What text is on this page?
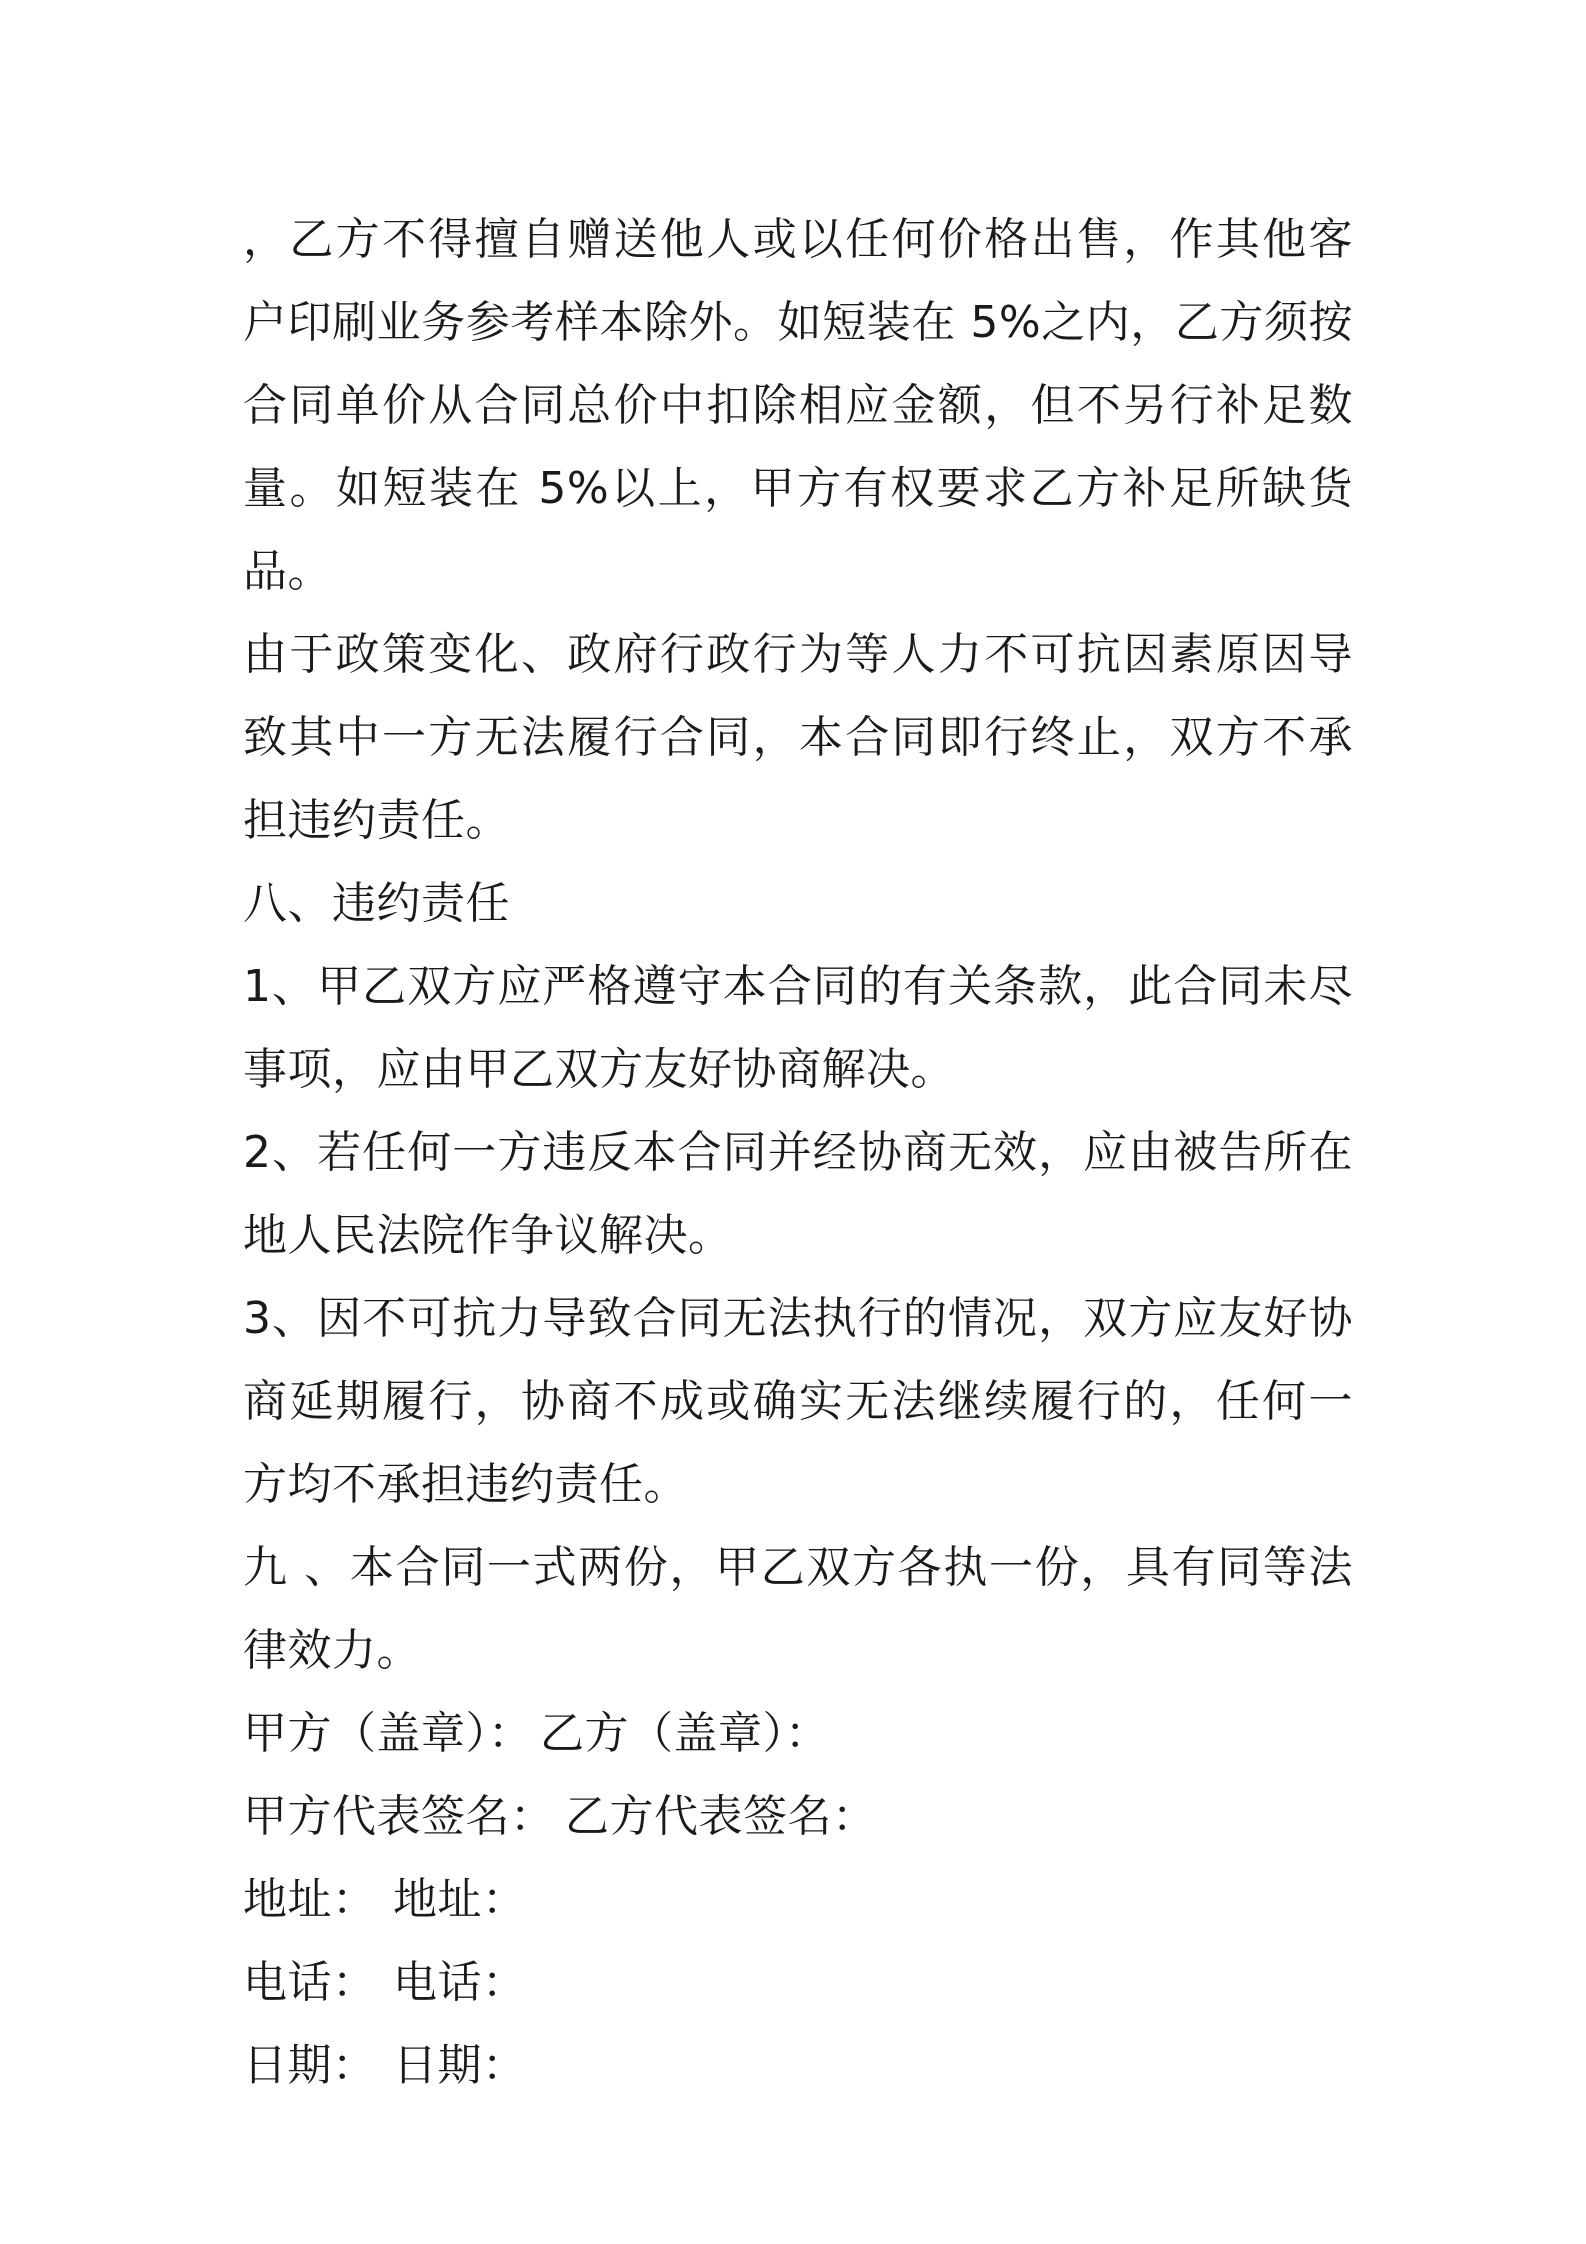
，乙方不得擅自赠送他人或以任何价格出售，作其他客户印刷业务参考样本除外。如短装在 5%之内，乙方须按合同单价从合同总价中扣除相应金额，但不另行补足数量。如短装在 5%以上，甲方有权要求乙方补足所缺货品。

由于政策变化、政府行政行为等人力不可抗因素原因导致其中一方无法履行合同，本合同即行终止，双方不承担违约责任。

八、违约责任

1、甲乙双方应严格遵守本合同的有关条款，此合同未尽事项，应由甲乙双方友好协商解决。

2、若任何一方违反本合同并经协商无效，应由被告所在地人民法院作争议解决。

3、因不可抗力导致合同无法执行的情况，双方应友好协商延期履行，协商不成或确实无法继续履行的，任何一方均不承担违约责任。

九 、本合同一式两份，甲乙双方各执一份，具有同等法律效力。

甲方（盖章）： 乙方（盖章）：
甲方代表签名： 乙方代表签名：
地址： 地址：
电话： 电话：
日期： 日期：
